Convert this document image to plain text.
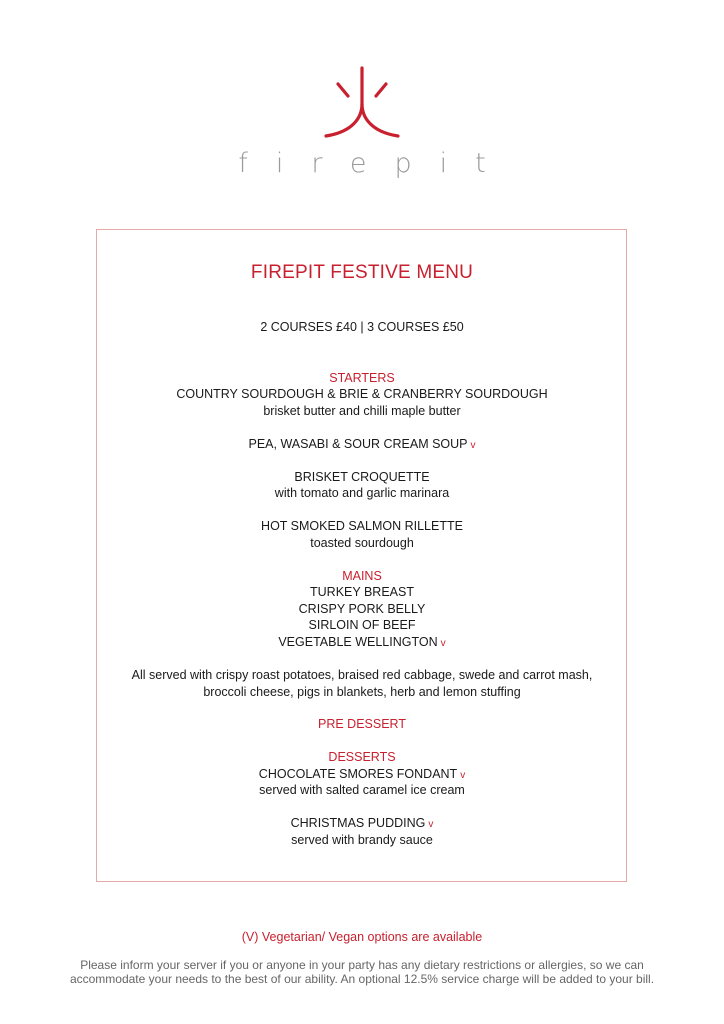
firepit
FIREPIT FESTIVE MENU
2 COURSES £40 | 3 COURSES £50
STARTERS
COUNTRY SOURDOUGH & BRIE & CRANBERRY SOURDOUGH
brisket butter and chilli maple butter
PEA, WASABI & SOUR CREAM SOUP v
BRISKET CROQUETTE
with tomato and garlic marinara
HOT SMOKED SALMON RILLETTE
toasted sourdough
MAINS
TURKEY BREAST
CRISPY PORK BELLY
SIRLOIN OF BEEF
VEGETABLE WELLINGTON v
All served with crispy roast potatoes, braised red cabbage, swede and carrot mash,
broccoli cheese, pigs in blankets, herb and lemon stuffing
PRE DESSERT
DESSERTS
CHOCOLATE SMORES FONDANT v
served with salted caramel ice cream
CHRISTMAS PUDDING v
served with brandy sauce
(V) Vegetarian/ Vegan options are available
Please inform your server if you or anyone in your party has any dietary restrictions or allergies, so we can
accommodate your needs to the best of our ability. An optional 12.5% service charge will be added to your bill.
